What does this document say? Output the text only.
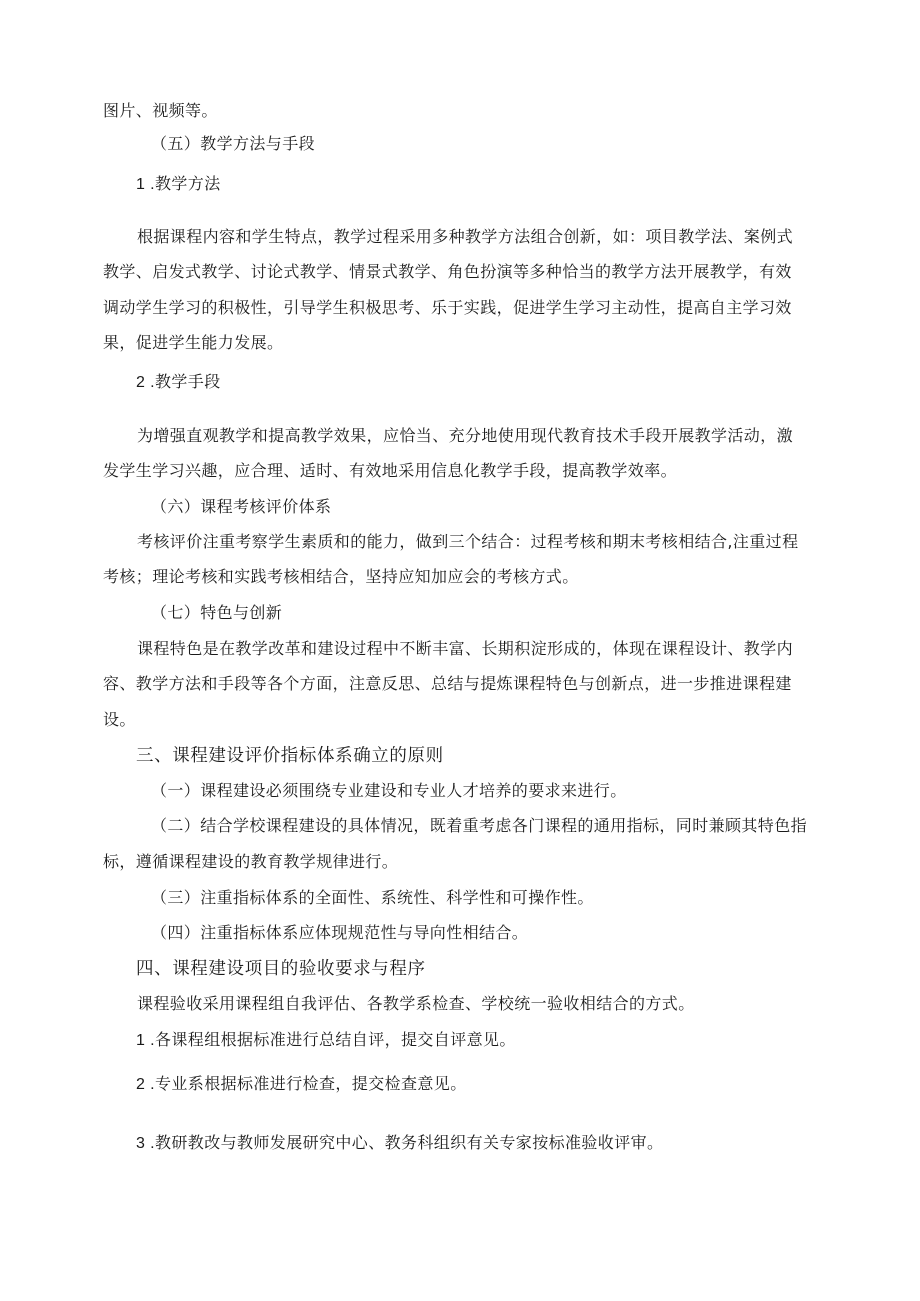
图片、视频等。
（五）教学方法与手段
1 .教学方法
根据课程内容和学生特点，教学过程采用多种教学方法组合创新，如：项目教学法、案例式
教学、启发式教学、讨论式教学、情景式教学、角色扮演等多种恰当的教学方法开展教学，有效
调动学生学习的积极性，引导学生积极思考、乐于实践，促进学生学习主动性，提高自主学习效
果，促进学生能力发展。
2 .教学手段
为增强直观教学和提高教学效果，应恰当、充分地使用现代教育技术手段开展教学活动，激
发学生学习兴趣，应合理、适时、有效地采用信息化教学手段，提高教学效率。
（六）课程考核评价体系
考核评价注重考察学生素质和的能力，做到三个结合：过程考核和期末考核相结合,注重过程
考核；理论考核和实践考核相结合，坚持应知加应会的考核方式。
（七）特色与创新
课程特色是在教学改革和建设过程中不断丰富、长期积淀形成的，体现在课程设计、教学内
容、教学方法和手段等各个方面，注意反思、总结与提炼课程特色与创新点，进一步推进课程建
设。
三、课程建设评价指标体系确立的原则
（一）课程建设必须围绕专业建设和专业人才培养的要求来进行。
（二）结合学校课程建设的具体情况，既着重考虑各门课程的通用指标，同时兼顾其特色指
标，遵循课程建设的教育教学规律进行。
（三）注重指标体系的全面性、系统性、科学性和可操作性。
（四）注重指标体系应体现规范性与导向性相结合。
四、课程建设项目的验收要求与程序
课程验收采用课程组自我评估、各教学系检查、学校统一验收相结合的方式。
1 .各课程组根据标准进行总结自评，提交自评意见。
2 .专业系根据标准进行检查，提交检查意见。
3 .教研教改与教师发展研究中心、教务科组织有关专家按标准验收评审。
